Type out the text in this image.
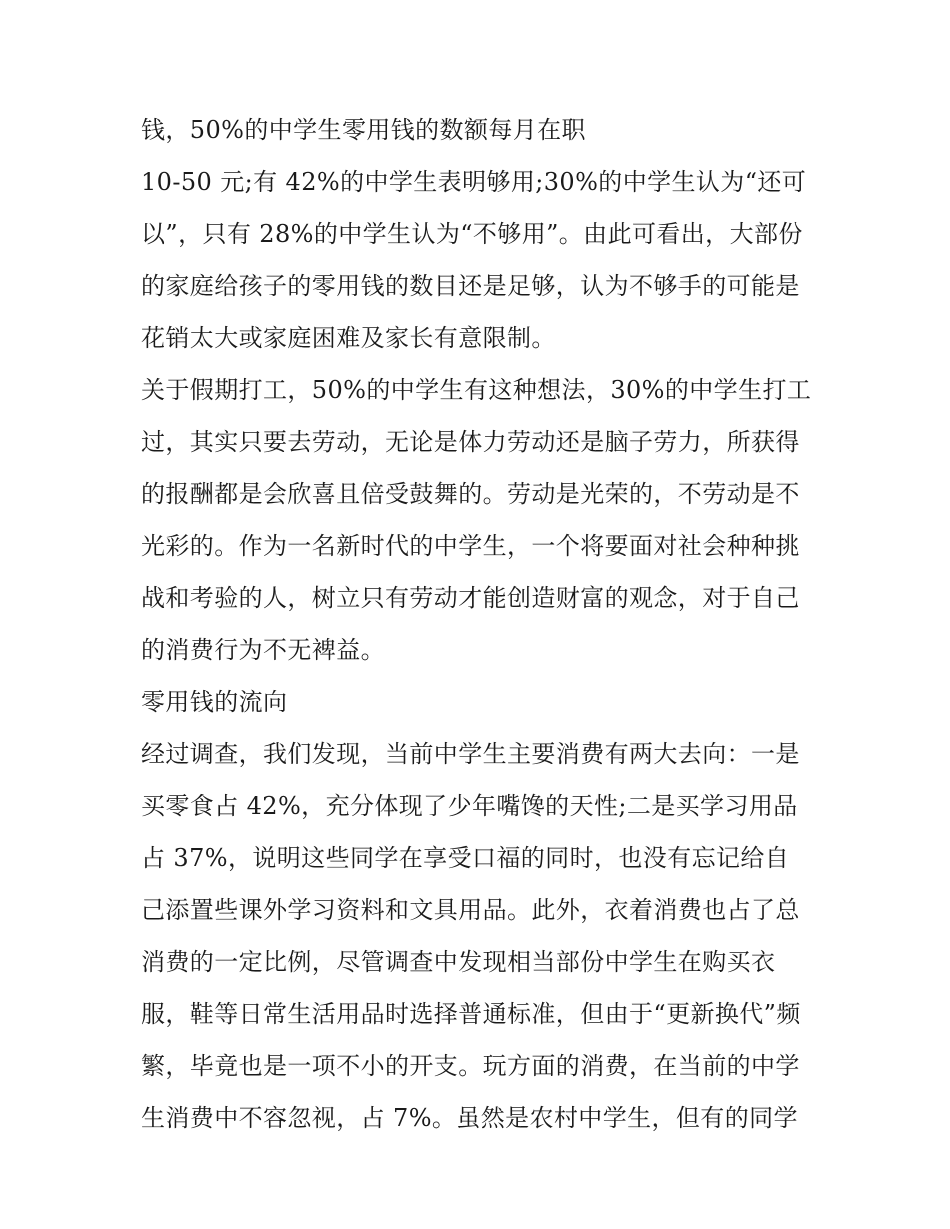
钱，50%的中学生零用钱的数额每月在职
10-50 元;有 42%的中学生表明够用;30%的中学生认为“还可
以”，只有 28%的中学生认为“不够用”。由此可看出，大部份
的家庭给孩子的零用钱的数目还是足够，认为不够手的可能是
花销太大或家庭困难及家长有意限制。
关于假期打工，50%的中学生有这种想法，30%的中学生打工
过，其实只要去劳动，无论是体力劳动还是脑子劳力，所获得
的报酬都是会欣喜且倍受鼓舞的。劳动是光荣的，不劳动是不
光彩的。作为一名新时代的中学生，一个将要面对社会种种挑
战和考验的人，树立只有劳动才能创造财富的观念，对于自己
的消费行为不无裨益。
零用钱的流向
经过调查，我们发现，当前中学生主要消费有两大去向：一是
买零食占 42%，充分体现了少年嘴馋的天性;二是买学习用品
占 37%，说明这些同学在享受口福的同时，也没有忘记给自
己添置些课外学习资料和文具用品。此外，衣着消费也占了总
消费的一定比例，尽管调查中发现相当部份中学生在购买衣
服，鞋等日常生活用品时选择普通标准，但由于“更新换代”频
繁，毕竟也是一项不小的开支。玩方面的消费，在当前的中学
生消费中不容忽视，占 7%。虽然是农村中学生，但有的同学
